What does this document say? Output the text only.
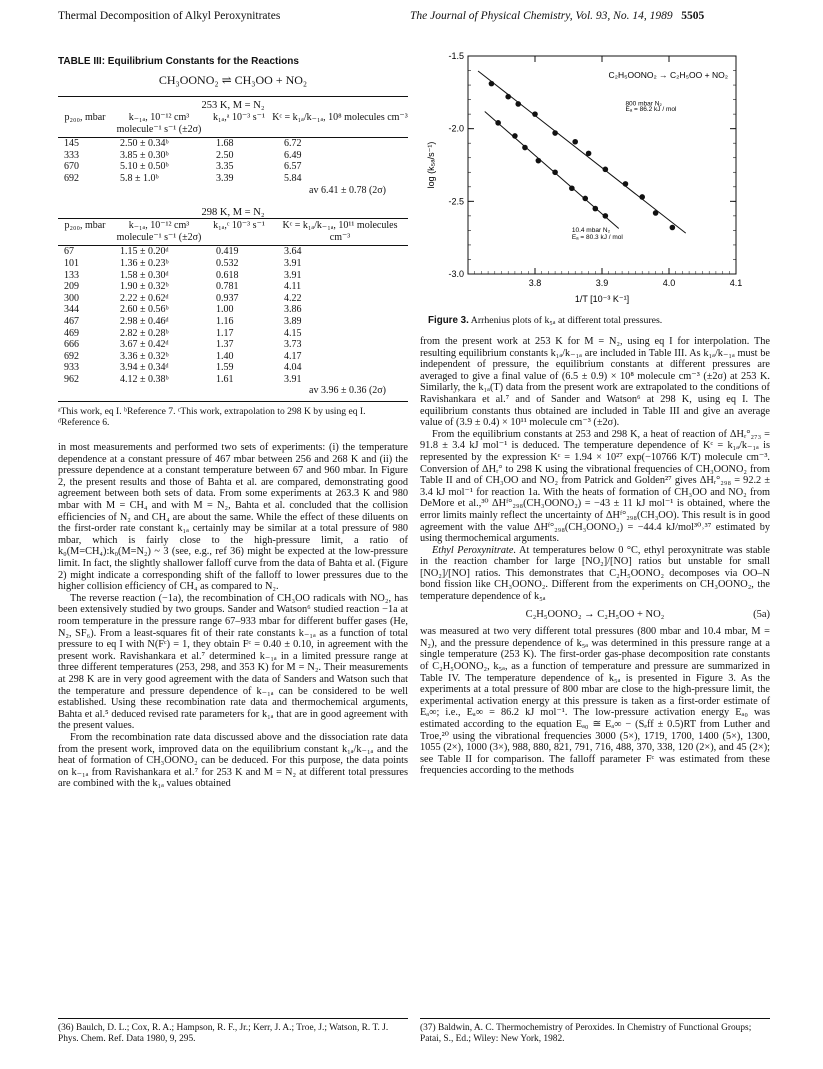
Thermal Decomposition of Alkyl Peroxynitrates	The Journal of Physical Chemistry, Vol. 93, No. 14, 1989 5505
TABLE III: Equilibrium Constants for the Reactions
CH₃OONO₂ ⇌ CH₃OO + NO₂
253 K, M = N₂
p₂₀₀, mbar	k₋₁ₐ, 10⁻¹² cm³ molecule⁻¹ s⁻¹ (±2σ)	k₁ₐ,ᵃ 10⁻³ s⁻¹	Kᶜ = k₁ₐ/k₋₁ₐ, 10⁸ molecules cm⁻³
145	2.50 ± 0.34ᵇ	1.68	6.72
333	3.85 ± 0.30ᵇ	2.50	6.49
670	5.10 ± 0.50ᵇ	3.35	6.57
692	5.8 ± 1.0ᵇ	3.39	5.84
av 6.41 ± 0.78 (2σ)			
298 K, M = N₂
p₂₀₀, mbar	k₋₁ₐ, 10⁻¹² cm³ molecule⁻¹ s⁻¹ (±2σ)	k₁ₐ,ᶜ 10⁻³ s⁻¹	Kᶜ = k₁ₐ/k₋₁ₐ, 10¹¹ molecules cm⁻³
67	1.15 ± 0.20ᵈ	0.419	3.64
101	1.36 ± 0.23ᵇ	0.532	3.91
133	1.58 ± 0.30ᵈ	0.618	3.91
209	1.90 ± 0.32ᵇ	0.781	4.11
300	2.22 ± 0.62ᵈ	0.937	4.22
344	2.60 ± 0.56ᵇ	1.00	3.86
467	2.98 ± 0.46ᵈ	1.16	3.89
469	2.82 ± 0.28ᵇ	1.17	4.15
666	3.67 ± 0.42ᵈ	1.37	3.73
692	3.36 ± 0.32ᵇ	1.40	4.17
933	3.94 ± 0.34ᵈ	1.59	4.04
962	4.12 ± 0.38ᵇ	1.61	3.91
av 3.96 ± 0.36 (2σ)			
ᵃThis work, eq I. ᵇReference 7. ᶜThis work, extrapolation to 298 K by using eq I. ᵈReference 6.

in most measurements and performed two sets of experiments: (i) the temperature dependence at a constant pressure of 467 mbar between 256 and 268 K and (ii) the pressure dependence at a constant temperature between 67 and 960 mbar. In Figure 2, the present results and those of Bahta et al. are compared, demonstrating good agreement between both sets of data. From some experiments at 263.3 K and 980 mbar with M = CH₄ and with M = N₂, Bahta et al. concluded that the collision efficiencies of N₂ and CH₄ are about the same. While the effect of these diluents on the first-order rate constant k₁ₐ certainly may be similar at a total pressure of 980 mbar, which is fairly close to the high-pressure limit, a ratio of k₀(M=CH₄):k₀(M=N₂) ~ 3 (see, e.g., ref 36) might be expected at the low-pressure limit. In fact, the slightly shallower falloff curve from the data of Bahta et al. (Figure 2) might indicate a corresponding shift of the falloff to lower pressures due to the higher collision efficiency of CH₄ as compared to N₂.

The reverse reaction (−1a), the recombination of CH₃OO radicals with NO₂, has been extensively studied by two groups. Sander and Watson⁶ studied reaction −1a at room temperature in the pressure range 67–933 mbar for different buffer gases (He, N₂, SF₆). From a least-squares fit of their rate constants k₋₁ₐ as a function of total pressure to eq I with N(Fᶜ) = 1, they obtain Fᶜ = 0.40 ± 0.10, in agreement with the present work. Ravishankara et al.⁷ determined k₋₁ₐ in a limited pressure range at three different temperatures (253, 298, and 353 K) for M = N₂. Their measurements at 298 K are in very good agreement with the data of Sanders and Watson such that the temperature and pressure dependence of k₋₁ₐ can be considered to be well established. Using these recombination rate data and thermochemical arguments, Bahta et al.⁵ deduced revised rate parameters for k₁ₐ that are in good agreement with the present values.

From the recombination rate data discussed above and the dissociation rate data from the present work, improved data on the equilibrium constant k₁ₐ/k₋₁ₐ and the heat of formation of CH₃OONO₂ can be deduced. For this purpose, the data points on k₋₁ₐ from Ravishankara et al.⁷ for 253 K and M = N₂ at different total pressures are combined with the k₁ₐ values obtained

-1.5
-2.0
-2.5
-3.0
3.8	3.9	4.0	4.1
1/T [10⁻³ K⁻¹]
log (k₅ₐ/s⁻¹)
C₂H₅OONO₂ → C₂H₅OO + NO₂
800 mbar N₂
Eₐ = 86.2 kJ / mol
10.4 mbar N₂
Eₐ = 80.3 kJ / mol
Figure 3. Arrhenius plots of k₅ₐ at different total pressures.

from the present work at 253 K for M = N₂, using eq I for interpolation. The resulting equilibrium constants k₁ₐ/k₋₁ₐ are included in Table III. As k₁ₐ/k₋₁ₐ must be independent of pressure, the equilibrium constants at different pressures are averaged to give a final value of (6.5 ± 0.9) × 10⁸ molecule cm⁻³ (±2σ) at 253 K. Similarly, the k₁ₐ(T) data from the present work are extrapolated to the conditions of Ravishankara et al.⁷ and of Sander and Watson⁶ at 298 K, using eq I. The equilibrium constants thus obtained are included in Table III and give an average value of (3.9 ± 0.4) × 10¹¹ molecule cm⁻³ (±2σ).

From the equilibrium constants at 253 and 298 K, a heat of reaction of ΔHᵣ°₂₇₃ = 91.8 ± 3.4 kJ mol⁻¹ is deduced. The temperature dependence of Kᶜ = k₁ₐ/k₋₁ₐ is represented by the expression Kᶜ = 1.94 × 10²⁷ exp(−10766 K/T) molecule cm⁻³. Conversion of ΔHᵣ° to 298 K using the vibrational frequencies of CH₃OONO₂ from Table II and of CH₃OO and NO₂ from Patrick and Golden²⁷ gives ΔHᵣ°₂₉₈ = 92.2 ± 3.4 kJ mol⁻¹ for reaction 1a. With the heats of formation of CH₃OO and NO₂ from DeMore et al.,³⁰ ΔHᶠ°₂₉₈(CH₃OONO₂) = −43 ± 11 kJ mol⁻¹ is obtained, where the error limits mainly reflect the uncertainty of ΔHᶠ°₂₉₈(CH₃OO). This result is in good agreement with the value ΔHᶠ°₂₉₈(CH₃OONO₂) = −44.4 kJ/mol³⁰˒³⁷ estimated by using thermochemical arguments.

Ethyl Peroxynitrate. At temperatures below 0 °C, ethyl peroxynitrate was stable in the reaction chamber for large [NO₂]/[NO] ratios but unstable for small [NO₂]/[NO] ratios. This demonstrates that C₂H₅OONO₂ decomposes via OO–N bond fission like CH₃OONO₂. Different from the experiments on CH₃OONO₂, the temperature dependence of k₅ₐ

C₂H₅OONO₂ → C₂H₅OO + NO₂	(5a)

was measured at two very different total pressures (800 mbar and 10.4 mbar, M = N₂), and the pressure dependence of k₅ₐ was determined in this pressure range at a single temperature (253 K). The first-order gas-phase decomposition rate constants of C₂H₅OONO₂, k₅ₐ, as a function of temperature and pressure are summarized in Table IV. The temperature dependence of k₅ₐ is presented in Figure 3. As the experiments at a total pressure of 800 mbar are close to the high-pressure limit, the experimental activation energy at this pressure is taken as a first-order estimate of Eₐ∞; i.e., Eₐ∞ = 86.2 kJ mol⁻¹. The low-pressure activation energy Eₐ₀ was estimated according to the equation Eₐ₀ ≅ Eₐ∞ − (Sₑff ± 0.5)RT from Luther and Troe,²⁰ using the vibrational frequencies 3000 (5×), 1719, 1700, 1400 (5×), 1300, 1055 (2×), 1000 (3×), 988, 880, 821, 791, 716, 488, 370, 338, 120 (2×), and 45 (2×); see Table II for comparison. The falloff parameter Fᶜ was estimated from these frequencies according to the methods

(36) Baulch, D. L.; Cox, R. A.; Hampson, R. F., Jr.; Kerr, J. A.; Troe, J.; Watson, R. T. J. Phys. Chem. Ref. Data 1980, 9, 295.
(37) Baldwin, A. C. Thermochemistry of Peroxides. In Chemistry of Functional Groups; Patai, S., Ed.; Wiley: New York, 1982.
